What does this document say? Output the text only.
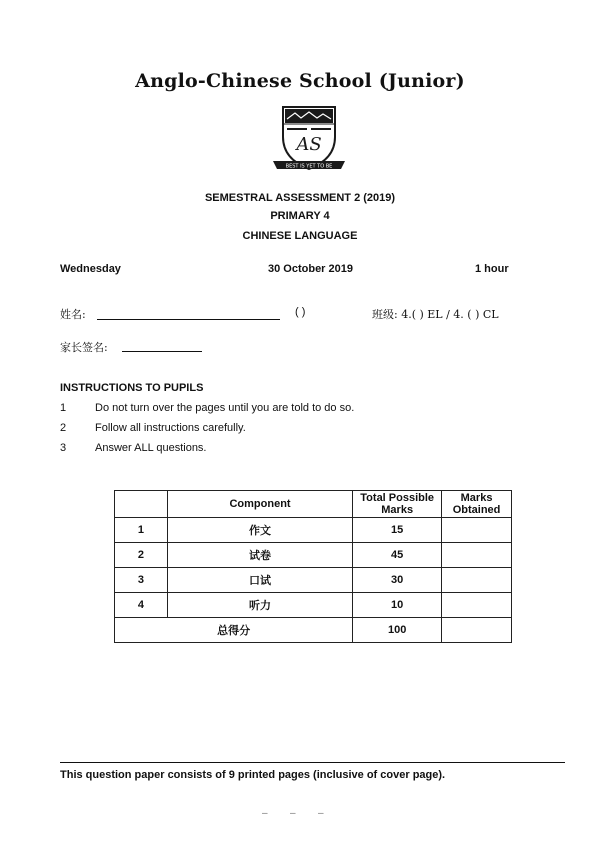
Anglo-Chinese School (Junior)
AS
BEST IS YET TO BE
SEMESTRAL ASSESSMENT 2 (2019)
PRIMARY 4
CHINESE LANGUAGE
Wednesday	30 October 2019	1 hour
姓名:	( )	班级: 4.( ) EL / 4. ( ) CL
家长签名:
INSTRUCTIONS TO PUPILS
1	Do not turn over the pages until you are told to do so.
2	Follow all instructions carefully.
3	Answer ALL questions.
	Component	Total Possible Marks	Marks Obtained
1	作文	15	
2	试卷	45	
3	口试	30	
4	听力	10	
总得分		100	
This question paper consists of 9 printed pages (inclusive of cover page).
– – –
